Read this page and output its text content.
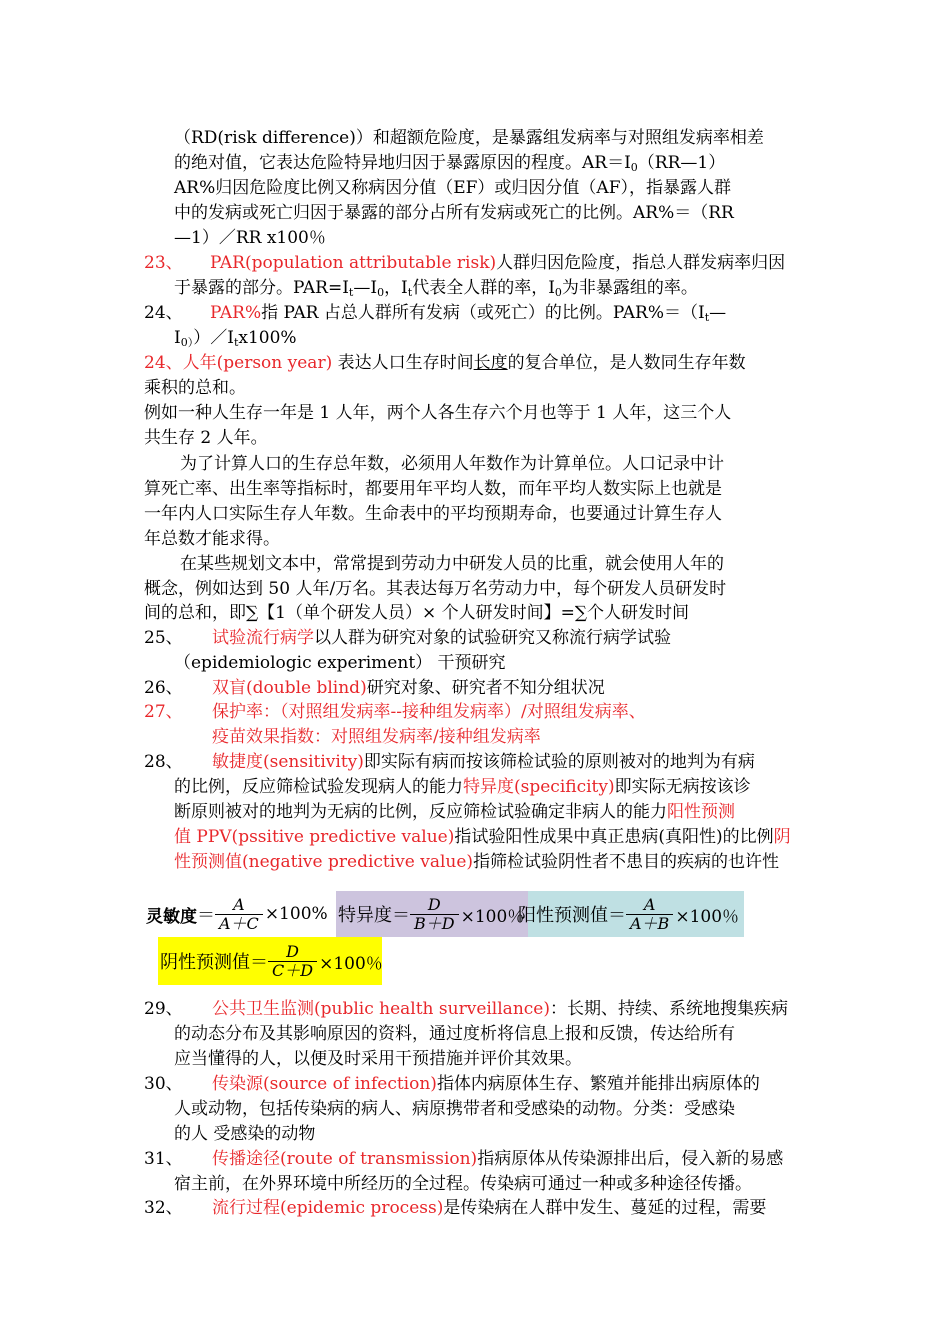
（RD(risk difference)）和超额危险度，是暴露组发病率与对照组发病率相差
的绝对值，它表达危险特异地归因于暴露原因的程度。$AR=I_0(RR—1)$
AR%归因危险度比例又称病因分值（EF）或归因分值（AF），指暴露人群
中的发病或死亡归因于暴露的部分占所有发病或死亡的比例。AR%＝（RR
—1）／RR x100％
23、 PAR(population attributable risk)人群归因危险度，指总人群发病率归因
于暴露的部分。$PAR=I_t—I_0$，$I_t$代表全人群的率，$I_0$为非暴露组的率。
24、 PAR%指 PAR 占总人群所有发病（或死亡）的比例。$PAR\%=(I_t—$
$I_{0)})/I_tx100\%$
24、人年(person year) 表达人口生存时间长度的复合单位，是人数同生存年数
乘积的总和。
例如一种人生存一年是 1 人年，两个人各生存六个月也等于 1 人年，这三个人
共生存 2 人年。
为了计算人口的生存总年数，必须用人年数作为计算单位。人口记录中计
算死亡率、出生率等指标时，都要用年平均人数，而年平均人数实际上也就是
一年内人口实际生存人年数。生命表中的平均预期寿命，也要通过计算生存人
年总数才能求得。
在某些规划文本中，常常提到劳动力中研发人员的比重，就会使用人年的
概念，例如达到 50 人年/万名。其表达每万名劳动力中，每个研发人员研发时
间的总和，即∑【1（单个研发人员）× 个人研发时间】=∑个人研发时间
25、 试验流行病学以人群为研究对象的试验研究又称流行病学试验
（epidemiologic experiment） 干预研究
26、 双盲(double blind)研究对象、研究者不知分组状况
27、 保护率：（对照组发病率--接种组发病率）/对照组发病率、
疫苗效果指数：对照组发病率/接种组发病率
28、 敏捷度(sensitivity)即实际有病而按该筛检试验的原则被对的地判为有病
的比例，反应筛检试验发现病人的能力特异度(specificity)即实际无病按该诊
断原则被对的地判为无病的比例，反应筛检试验确定非病人的能力阳性预测
值 PPV(pssitive predictive value)指试验阳性成果中真正患病(真阳性)的比例阴
性预测值(negative predictive value)指筛检试验阴性者不患目的疾病的也许性
灵敏度 ＝ $\frac{A}{A+C} \times 100\%$ 特异度 ＝ $\frac{D}{B+D} \times 100$％
阳性预测值 ＝ $\frac{A}{A+B} \times 100$％
阴性预测值 ＝ $\frac{D}{C+D} \times 100$％
29、 公共卫生监测(public health surveillance)：长期、持续、系统地搜集疾病
的动态分布及其影响原因的资料，通过度析将信息上报和反馈，传达给所有
应当懂得的人，以便及时采用干预措施并评价其效果。
30、 传染源(source of infection)指体内病原体生存、繁殖并能排出病原体的
人或动物，包括传染病的病人、病原携带者和受感染的动物。分类：受感染
的人 受感染的动物
31、 传播途径(route of transmission)指病原体从传染源排出后，侵入新的易感
宿主前，在外界环境中所经历的全过程。传染病可通过一种或多种途径传播。
32、 流行过程(epidemic process)是传染病在人群中发生、蔓延的过程，需要
